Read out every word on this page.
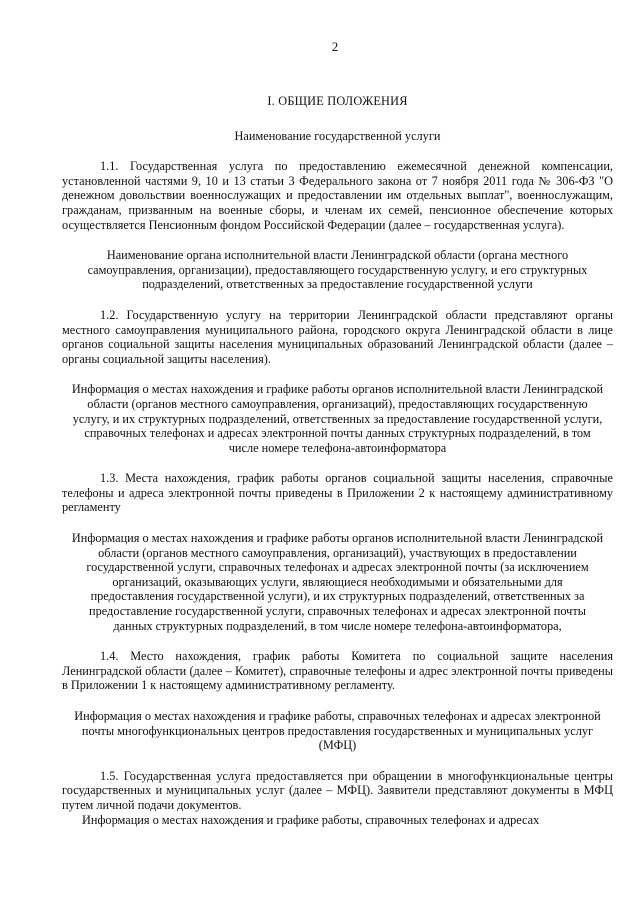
2
I. ОБЩИЕ ПОЛОЖЕНИЯ
Наименование государственной услуги
1.1. Государственная услуга по предоставлению ежемесячной денежной компенсации, установленной частями 9, 10 и 13 статьи 3 Федерального закона от 7 ноября 2011 года № 306-ФЗ "О денежном довольствии военнослужащих и предоставлении им отдельных выплат", военнослужащим, гражданам, призванным на военные сборы, и членам их семей, пенсионное обеспечение которых осуществляется Пенсионным фондом Российской Федерации (далее – государственная услуга).
Наименование органа исполнительной власти Ленинградской области (органа местного самоуправления, организации), предоставляющего государственную услугу, и его структурных подразделений, ответственных за предоставление государственной услуги
1.2. Государственную услугу на территории Ленинградской области представляют органы местного самоуправления муниципального района, городского округа Ленинградской области в лице органов социальной защиты населения муниципальных образований Ленинградской области (далее – органы социальной защиты населения).
Информация о местах нахождения и графике работы органов исполнительной власти Ленинградской области (органов местного самоуправления, организаций), предоставляющих государственную услугу, и их структурных подразделений, ответственных за предоставление государственной услуги, справочных телефонах и адресах электронной почты данных структурных подразделений, в том числе номере телефона-автоинформатора
1.3. Места нахождения, график работы органов социальной защиты населения, справочные телефоны и адреса электронной почты приведены в Приложении 2 к настоящему административному регламенту
Информация о местах нахождения и графике работы органов исполнительной власти Ленинградской области (органов местного самоуправления, организаций), участвующих в предоставлении государственной услуги, справочных телефонах и адресах электронной почты (за исключением организаций, оказывающих услуги, являющиеся необходимыми и обязательными для предоставления государственной услуги), и их структурных подразделений, ответственных за предоставление государственной услуги, справочных телефонах и адресах электронной почты данных структурных подразделений, в том числе номере телефона-автоинформатора,
1.4. Место нахождения, график работы Комитета по социальной защите населения Ленинградской области (далее – Комитет), справочные телефоны и адрес электронной почты приведены в Приложении 1 к настоящему административному регламенту.
Информация о местах нахождения и графике работы, справочных телефонах и адресах электронной почты многофункциональных центров предоставления государственных и муниципальных услуг (МФЦ)
1.5. Государственная услуга предоставляется при обращении в многофункциональные центры государственных и муниципальных услуг (далее – МФЦ). Заявители представляют документы в МФЦ путем личной подачи документов.
Информация о местах нахождения и графике работы, справочных телефонах и адресах
